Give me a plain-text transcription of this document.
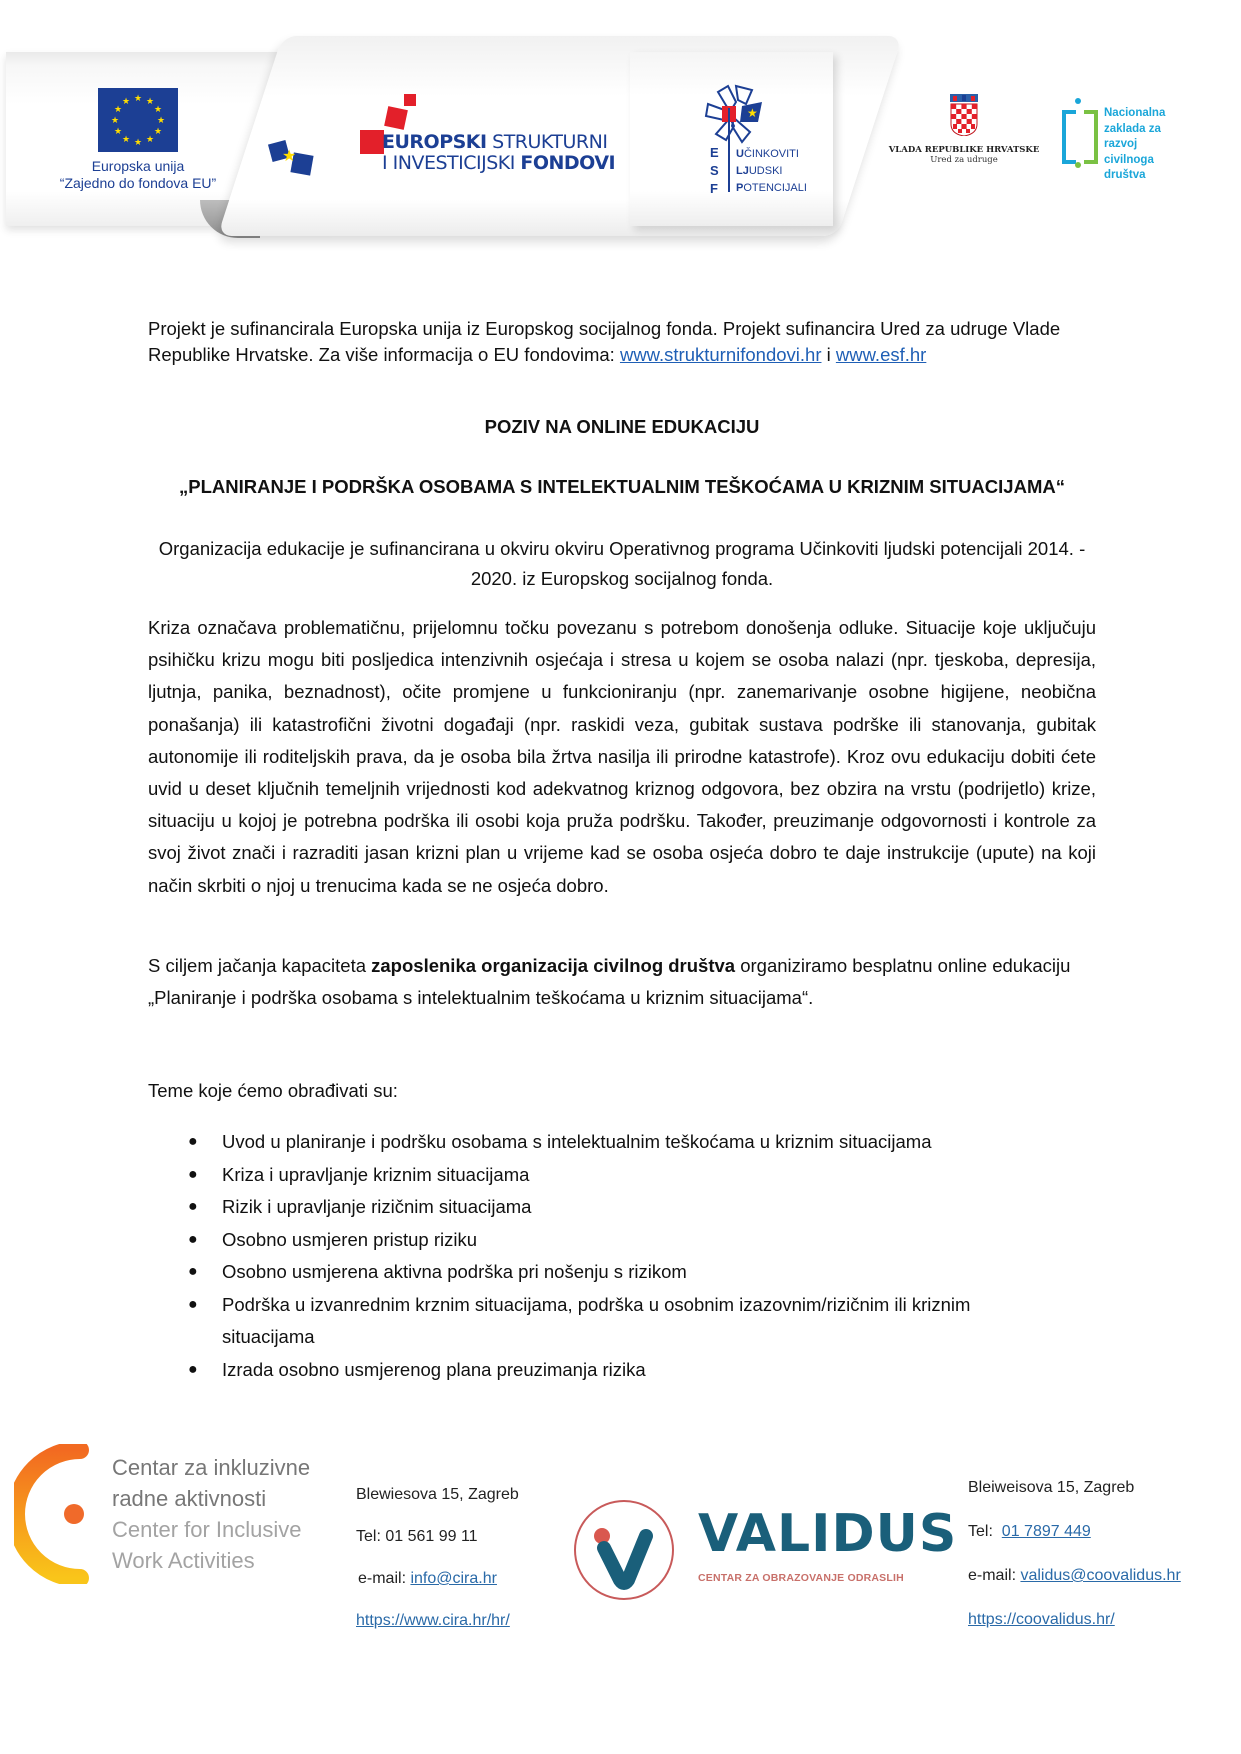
★ ★
★
★
★
★
★
★
★
★
★
★
Europska unija
“Zajedno do fondova EU”
★
EUROPSKI STRUKTURNI
I INVESTICIJSKI FONDOVI
★
E
S
F
UČINKOVITI
LJUDSKI
POTENCIJALI
VLADA REPUBLIKE HRVATSKE
Ured za udruge
Nacionalna
zaklada za
razvoj
civilnoga
društva

Projekt je sufinancirala Europska unija iz Europskog socijalnog fonda. Projekt sufinancira Ured za udruge Vlade Republike Hrvatske. Za više informacija o EU fondovima: www.strukturnifondovi.hr i www.esf.hr

POZIV NA ONLINE EDUKACIJU
„PLANIRANJE I PODRŠKA OSOBAMA S INTELEKTUALNIM TEŠKOĆAMA U KRIZNIM SITUACIJAMA“

Organizacija edukacije je sufinancirana u okviru okviru Operativnog programa Učinkoviti ljudski potencijali 2014. - 2020. iz Europskog socijalnog fonda.

Kriza označava problematičnu, prijelomnu točku povezanu s potrebom donošenja odluke. Situacije koje uključuju psihičku krizu mogu biti posljedica intenzivnih osjećaja i stresa u kojem se osoba nalazi (npr. tjeskoba, depresija, ljutnja, panika, beznadnost), očite promjene u funkcioniranju (npr. zanemarivanje osobne higijene, neobična ponašanja) ili katastrofični životni događaji (npr. raskidi veza, gubitak sustava podrške ili stanovanja, gubitak autonomije ili roditeljskih prava, da je osoba bila žrtva nasilja ili prirodne katastrofe). Kroz ovu edukaciju dobiti ćete uvid u deset ključnih temeljnih vrijednosti kod adekvatnog kriznog odgovora, bez obzira na vrstu (podrijetlo) krize, situaciju u kojoj je potrebna podrška ili osobi koja pruža podršku. Također, preuzimanje odgovornosti i kontrole za svoj život znači i razraditi jasan krizni plan u vrijeme kad se osoba osjeća dobro te daje instrukcije (upute) na koji način skrbiti o njoj u trenucima kada se ne osjeća dobro.

S ciljem jačanja kapaciteta zaposlenika organizacija civilnog društva organiziramo besplatnu online edukaciju „Planiranje i podrška osobama s intelektualnim teškoćama u kriznim situacijama“.

Teme koje ćemo obrađivati su:

● Uvod u planiranje i podršku osobama s intelektualnim teškoćama u kriznim situacijama
● Kriza i upravljanje kriznim situacijama
● Rizik i upravljanje rizičnim situacijama
● Osobno usmjeren pristup riziku
● Osobno usmjerena aktivna podrška pri nošenju s rizikom
● Podrška u izvanrednim krznim situacijama, podrška u osobnim izazovnim/rizičnim ili kriznim situacijama
● Izrada osobno usmjerenog plana preuzimanja rizika
Centar za inkluzivne
radne aktivnosti
Center for Inclusive
Work Activities
Blewiesova 15, Zagreb
Tel: 01 561 99 11
e-mail: info@cira.hr
https://www.cira.hr/hr/
VALIDUS
CENTAR ZA OBRAZOVANJE ODRASLIH
Bleiweisova 15, Zagreb
Tel:  01 7897 449
e-mail: validus@coovalidus.hr
https://coovalidus.hr/
